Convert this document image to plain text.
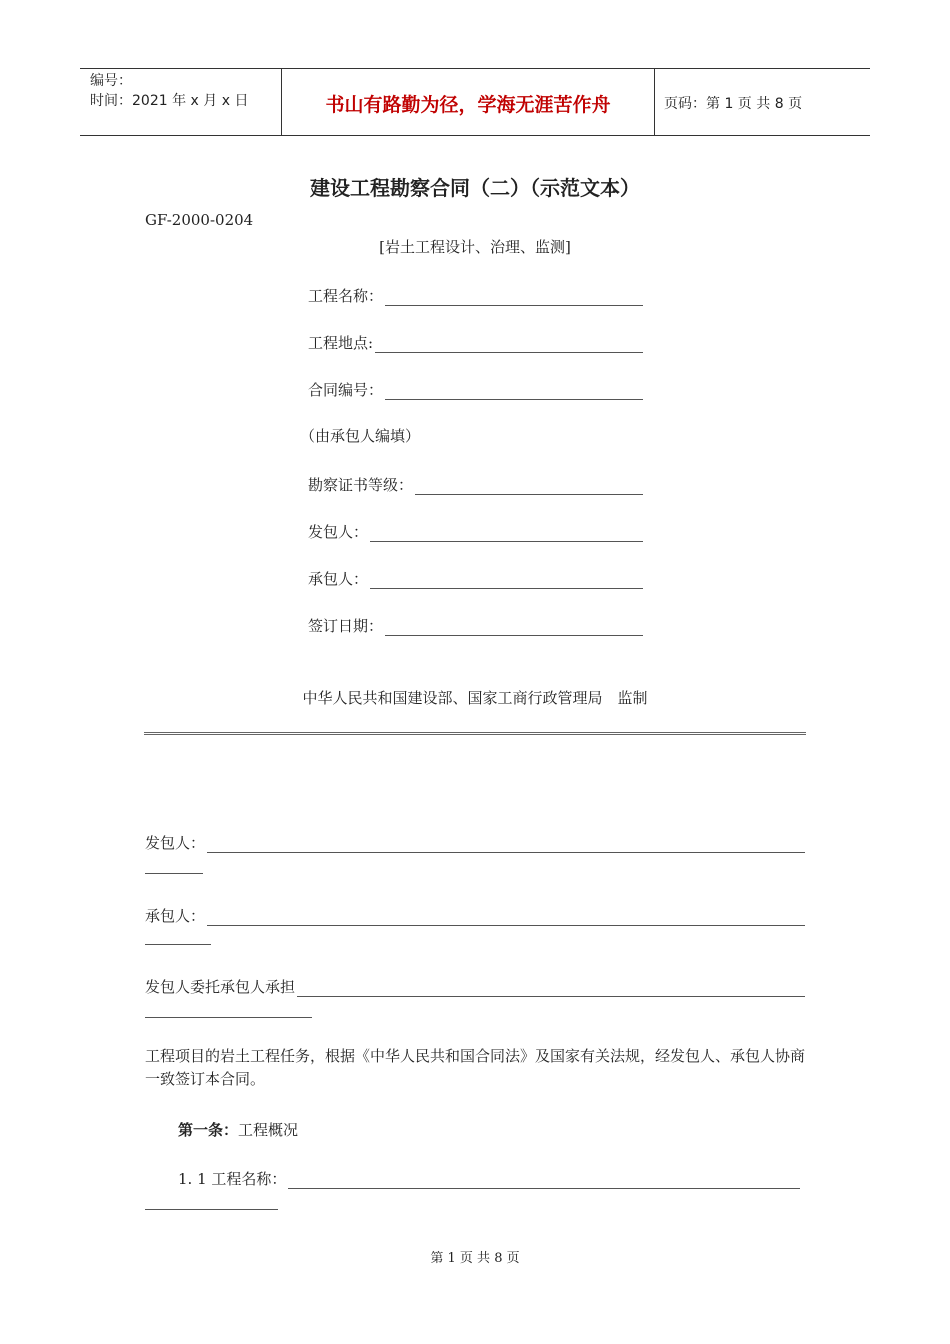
编号：
时间：2021 年 x 月 x 日	书山有路勤为径，学海无涯苦作舟	页码：第 1 页 共 8 页
建设工程勘察合同（二）（示范文本）
GF-2000-0204
[岩土工程设计、治理、监测]
工程名称：
工程地点:
合同编号：
（由承包人编填）
勘察证书等级：
发包人：
承包人：
签订日期：
中华人民共和国建设部、国家工商行政管理局　监制
发包人：
承包人：
发包人委托承包人承担
工程项目的岩土工程任务，根据《中华人民共和国合同法》及国家有关法规，经发包人、承包人协商一致签订本合同。
第一条：工程概况
1. 1 工程名称：
第 1 页 共 8 页
